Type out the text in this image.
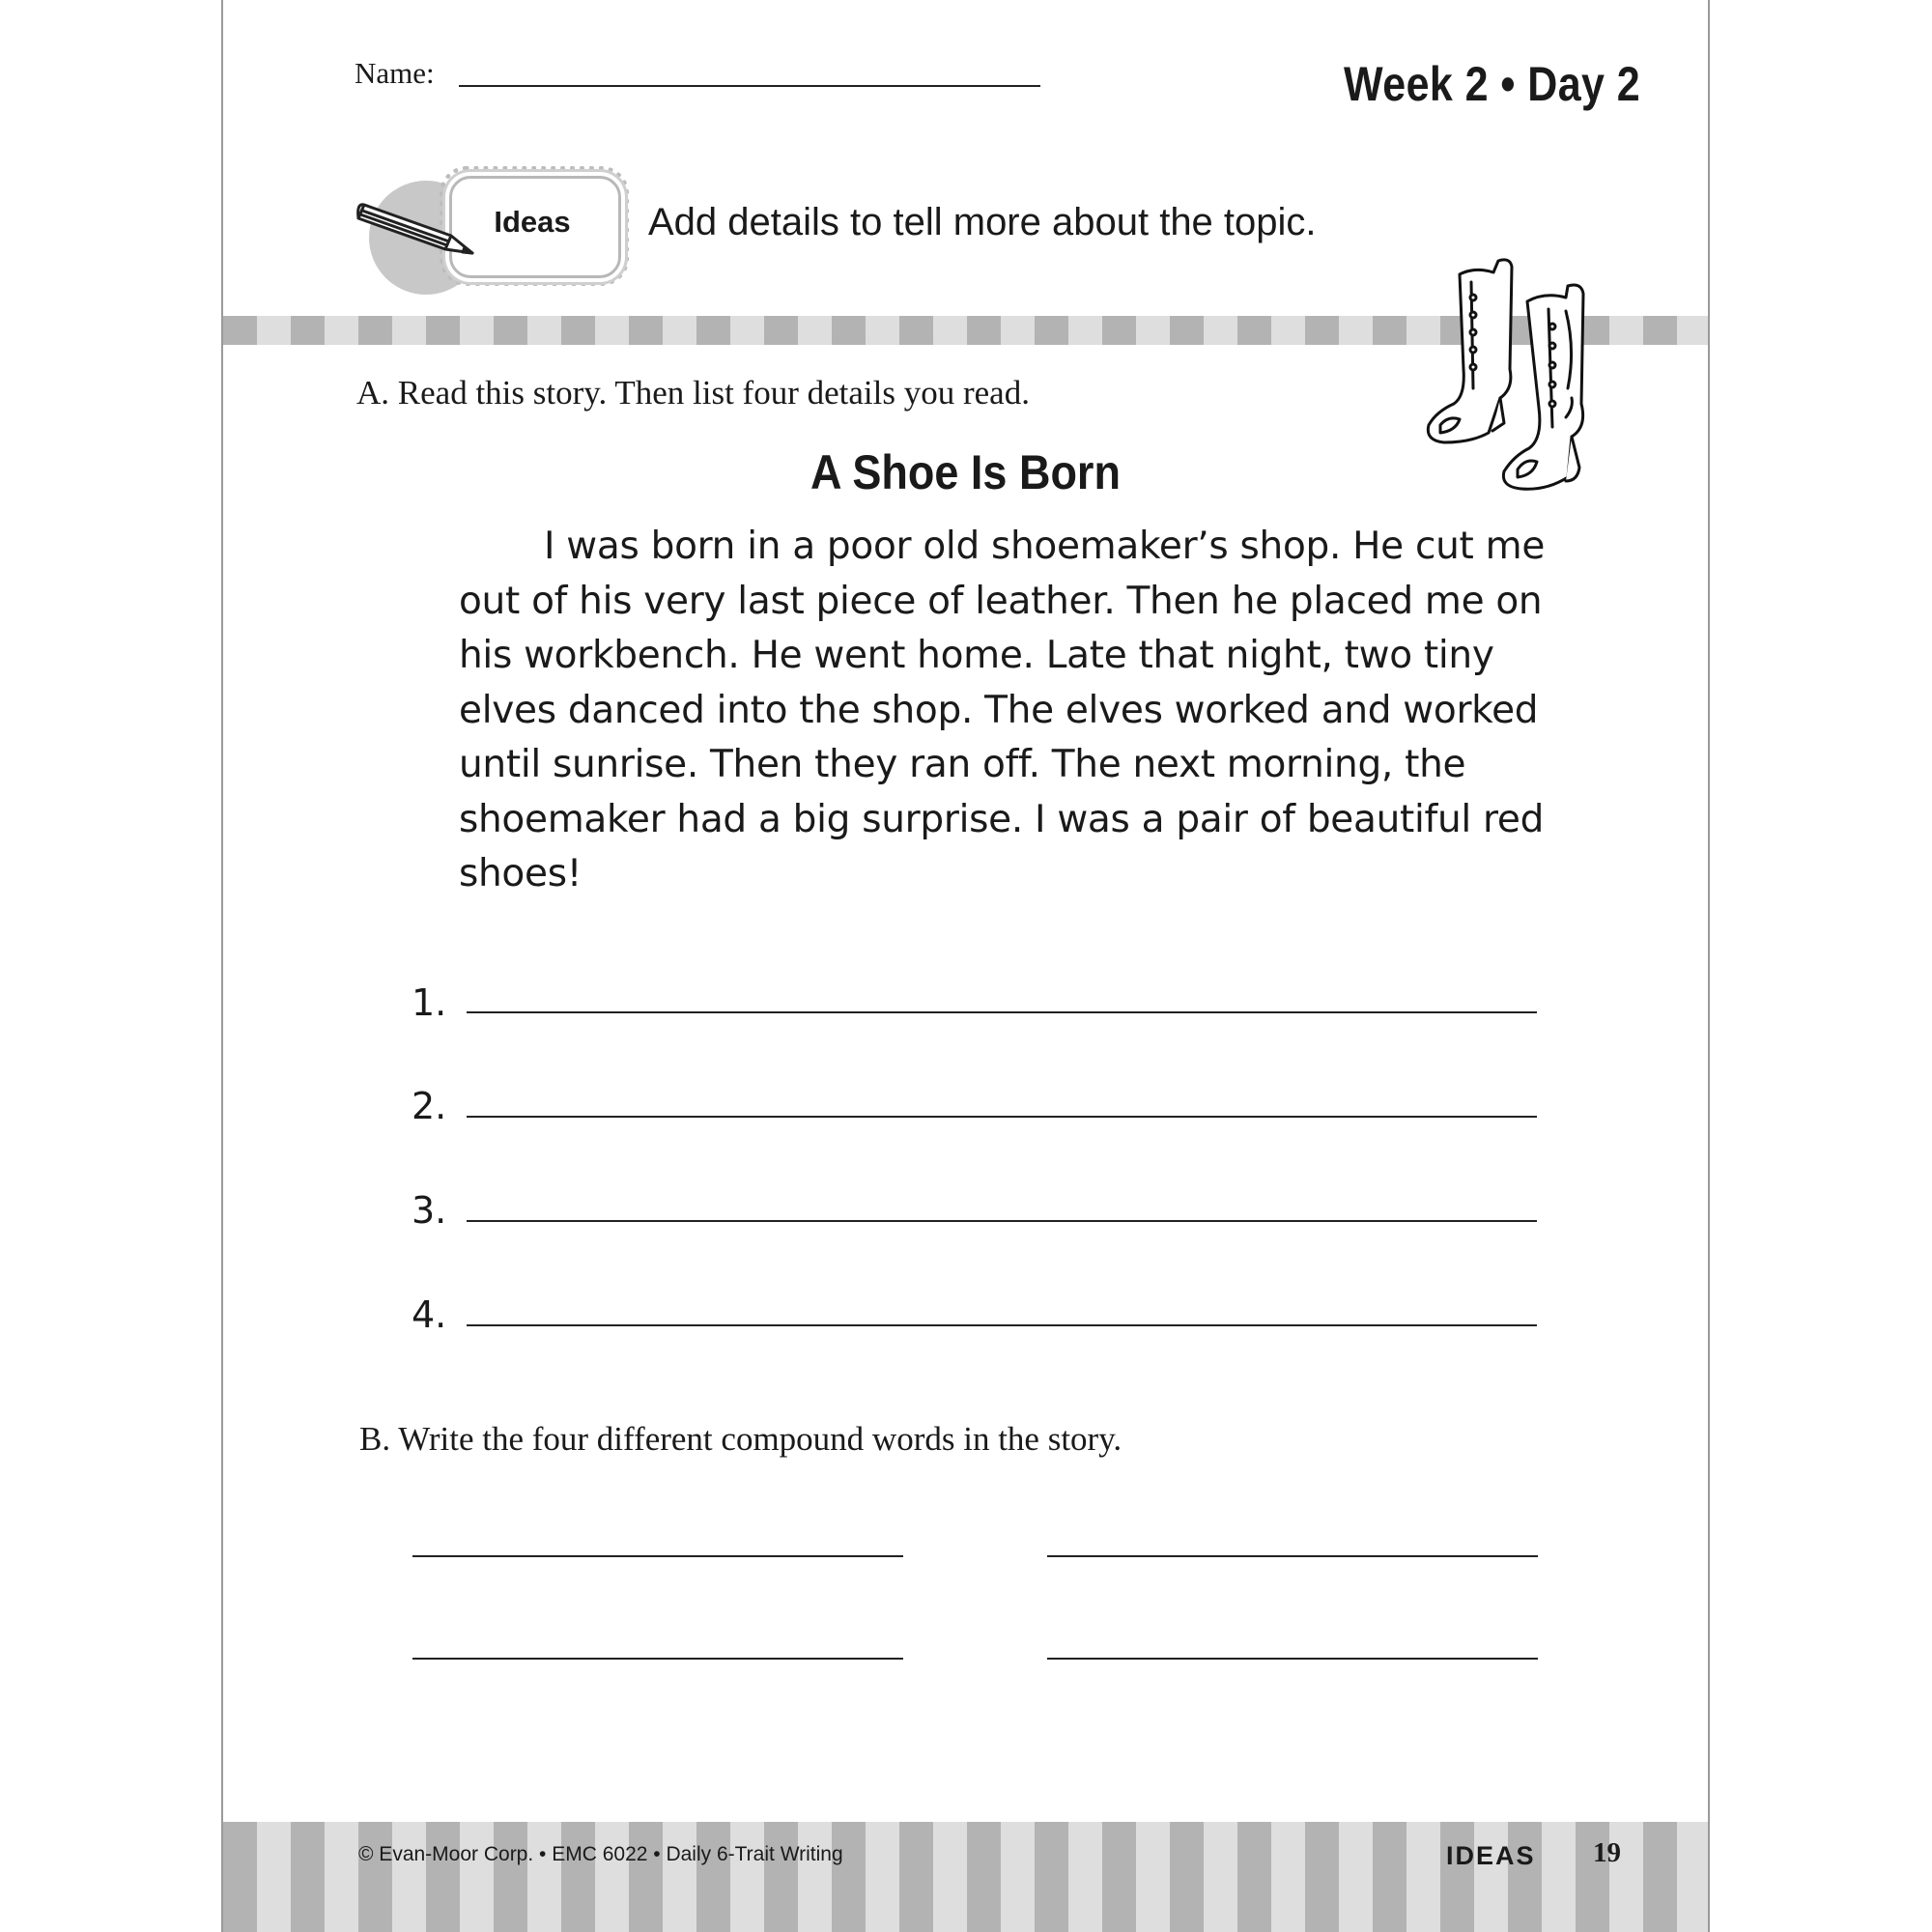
Name:	Week 2 • Day 2
Ideas	Add details to tell more about the topic.
A. Read this story. Then list four details you read.
A Shoe Is Born

I was born in a poor old shoemaker’s shop. He cut me out of his very last piece of leather. Then he placed me on his workbench. He went home. Late that night, two tiny elves danced into the shop. The elves worked and worked until sunrise. Then they ran off. The next morning, the shoemaker had a big surprise. I was a pair of beautiful red shoes!

1.
2.
3.
4.
B. Write the four different compound words in the story.
© Evan-Moor Corp. • EMC 6022 • Daily 6-Trait Writing	IDEAS 19
